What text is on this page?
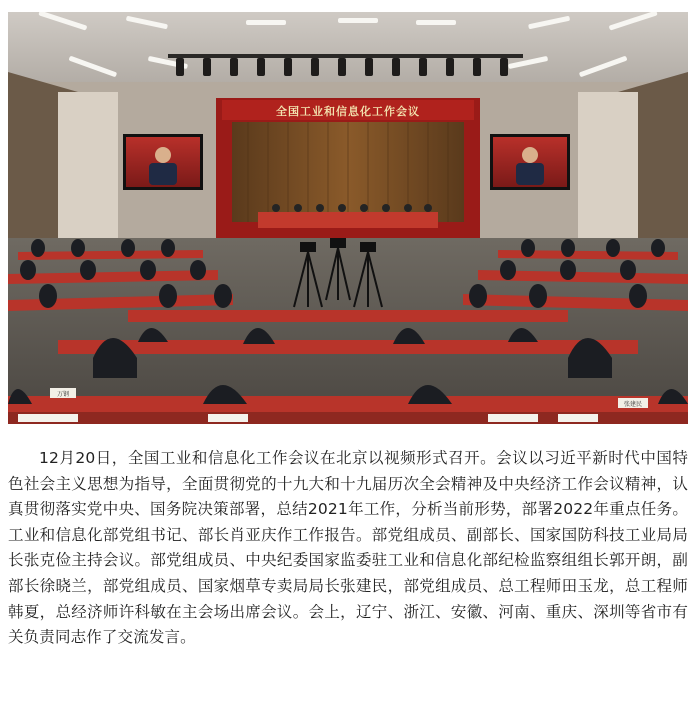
全国工业和信息化工作会议
万钢
张建民

12月20日，全国工业和信息化工作会议在北京以视频形式召开。会议以习近平新时代中国特色社会主义思想为指导，全面贯彻党的十九大和十九届历次全会精神及中央经济工作会议精神，认真贯彻落实党中央、国务院决策部署，总结2021年工作，分析当前形势，部署2022年重点任务。工业和信息化部党组书记、部长肖亚庆作工作报告。部党组成员、副部长、国家国防科技工业局局长张克俭主持会议。部党组成员、中央纪委国家监委驻工业和信息化部纪检监察组组长郭开朗，副部长徐晓兰，部党组成员、国家烟草专卖局局长张建民，部党组成员、总工程师田玉龙，总工程师韩夏，总经济师许科敏在主会场出席会议。会上，辽宁、浙江、安徽、河南、重庆、深圳等省市有关负责同志作了交流发言。
